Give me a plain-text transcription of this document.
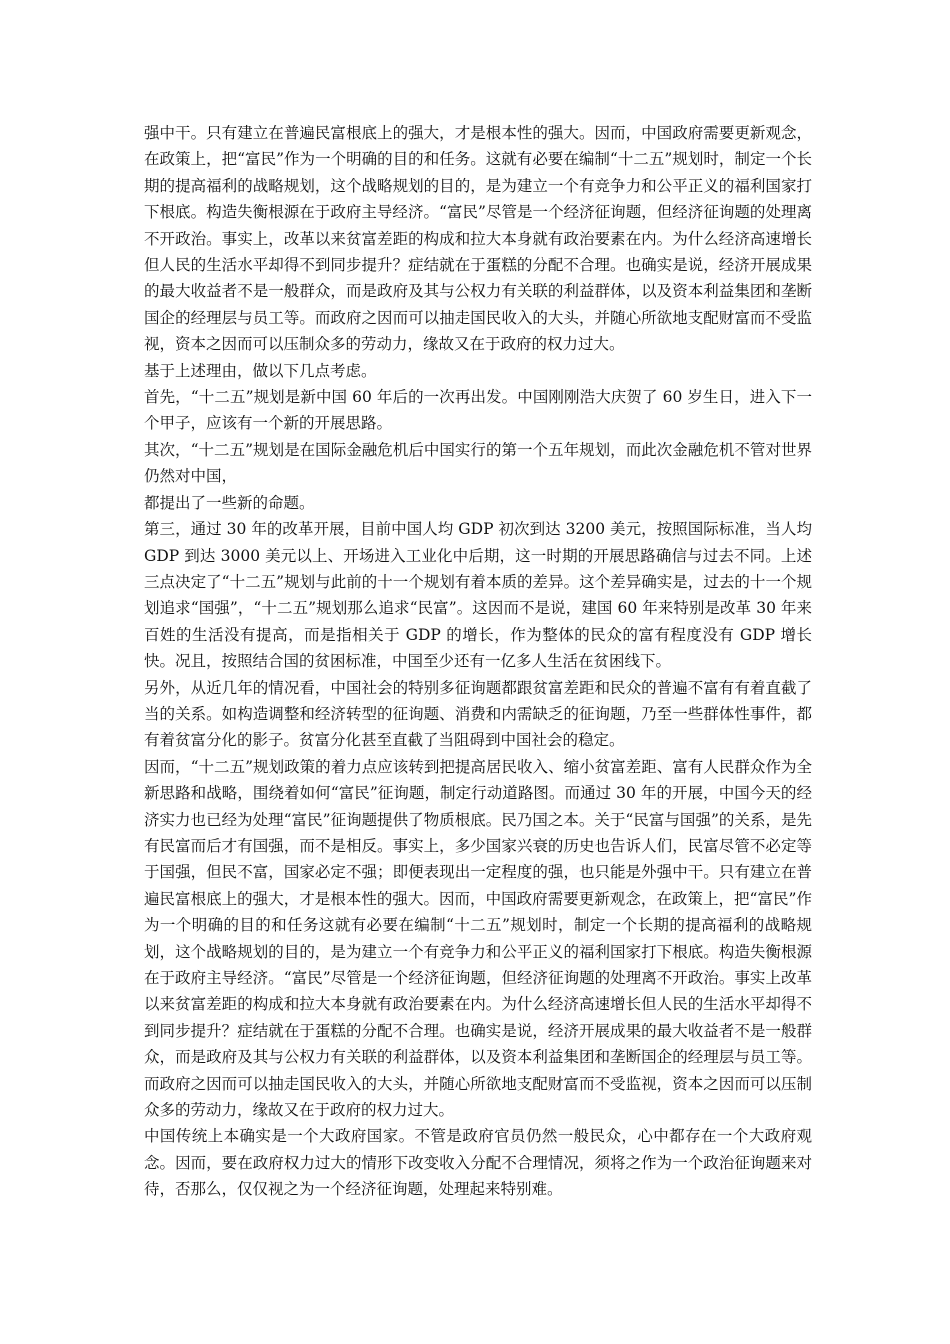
强中干。只有建立在普遍民富根底上的强大，才是根本性的强大。因而，中国政府需要更新观念，在政策上，把“富民”作为一个明确的目的和任务。这就有必要在编制“十二五”规划时，制定一个长期的提高福利的战略规划，这个战略规划的目的，是为建立一个有竞争力和公平正义的福利国家打下根底。构造失衡根源在于政府主导经济。“富民”尽管是一个经济征询题，但经济征询题的处理离不开政治。事实上，改革以来贫富差距的构成和拉大本身就有政治要素在内。为什么经济高速增长但人民的生活水平却得不到同步提升？症结就在于蛋糕的分配不合理。也确实是说，经济开展成果的最大收益者不是一般群众，而是政府及其与公权力有关联的利益群体，以及资本利益集团和垄断国企的经理层与员工等。而政府之因而可以抽走国民收入的大头，并随心所欲地支配财富而不受监视，资本之因而可以压制众多的劳动力，缘故又在于政府的权力过大。

基于上述理由，做以下几点考虑。

首先，“十二五”规划是新中国 60 年后的一次再出发。中国刚刚浩大庆贺了 60 岁生日，进入下一个甲子，应该有一个新的开展思路。

其次，“十二五”规划是在国际金融危机后中国实行的第一个五年规划，而此次金融危机不管对世界仍然对中国，

都提出了一些新的命题。

第三，通过 30 年的改革开展，目前中国人均 GDP 初次到达 3200 美元，按照国际标准，当人均 GDP 到达 3000 美元以上、开场进入工业化中后期，这一时期的开展思路确信与过去不同。上述三点决定了“十二五”规划与此前的十一个规划有着本质的差异。这个差异确实是，过去的十一个规划追求“国强”，“十二五”规划那么追求“民富”。这因而不是说，建国 60 年来特别是改革 30 年来百姓的生活没有提高，而是指相关于 GDP 的增长，作为整体的民众的富有程度没有 GDP 增长快。况且，按照结合国的贫困标准，中国至少还有一亿多人生活在贫困线下。

另外，从近几年的情况看，中国社会的特别多征询题都跟贫富差距和民众的普遍不富有有着直截了当的关系。如构造调整和经济转型的征询题、消费和内需缺乏的征询题，乃至一些群体性事件，都有着贫富分化的影子。贫富分化甚至直截了当阻碍到中国社会的稳定。

因而，“十二五”规划政策的着力点应该转到把提高居民收入、缩小贫富差距、富有人民群众作为全新思路和战略，围绕着如何“富民”征询题，制定行动道路图。而通过 30 年的开展，中国今天的经济实力也已经为处理“富民”征询题提供了物质根底。民乃国之本。关于“民富与国强”的关系，是先有民富而后才有国强，而不是相反。事实上，多少国家兴衰的历史也告诉人们，民富尽管不必定等于国强，但民不富，国家必定不强；即便表现出一定程度的强，也只能是外强中干。只有建立在普遍民富根底上的强大，才是根本性的强大。因而，中国政府需要更新观念，在政策上，把“富民”作为一个明确的目的和任务这就有必要在编制“十二五”规划时，制定一个长期的提高福利的战略规划，这个战略规划的目的，是为建立一个有竞争力和公平正义的福利国家打下根底。构造失衡根源在于政府主导经济。“富民”尽管是一个经济征询题，但经济征询题的处理离不开政治。事实上改革以来贫富差距的构成和拉大本身就有政治要素在内。为什么经济高速增长但人民的生活水平却得不到同步提升？症结就在于蛋糕的分配不合理。也确实是说，经济开展成果的最大收益者不是一般群众，而是政府及其与公权力有关联的利益群体，以及资本利益集团和垄断国企的经理层与员工等。而政府之因而可以抽走国民收入的大头，并随心所欲地支配财富而不受监视，资本之因而可以压制众多的劳动力，缘故又在于政府的权力过大。

中国传统上本确实是一个大政府国家。不管是政府官员仍然一般民众，心中都存在一个大政府观念。因而，要在政府权力过大的情形下改变收入分配不合理情况，须将之作为一个政治征询题来对待，否那么，仅仅视之为一个经济征询题，处理起来特别难。
